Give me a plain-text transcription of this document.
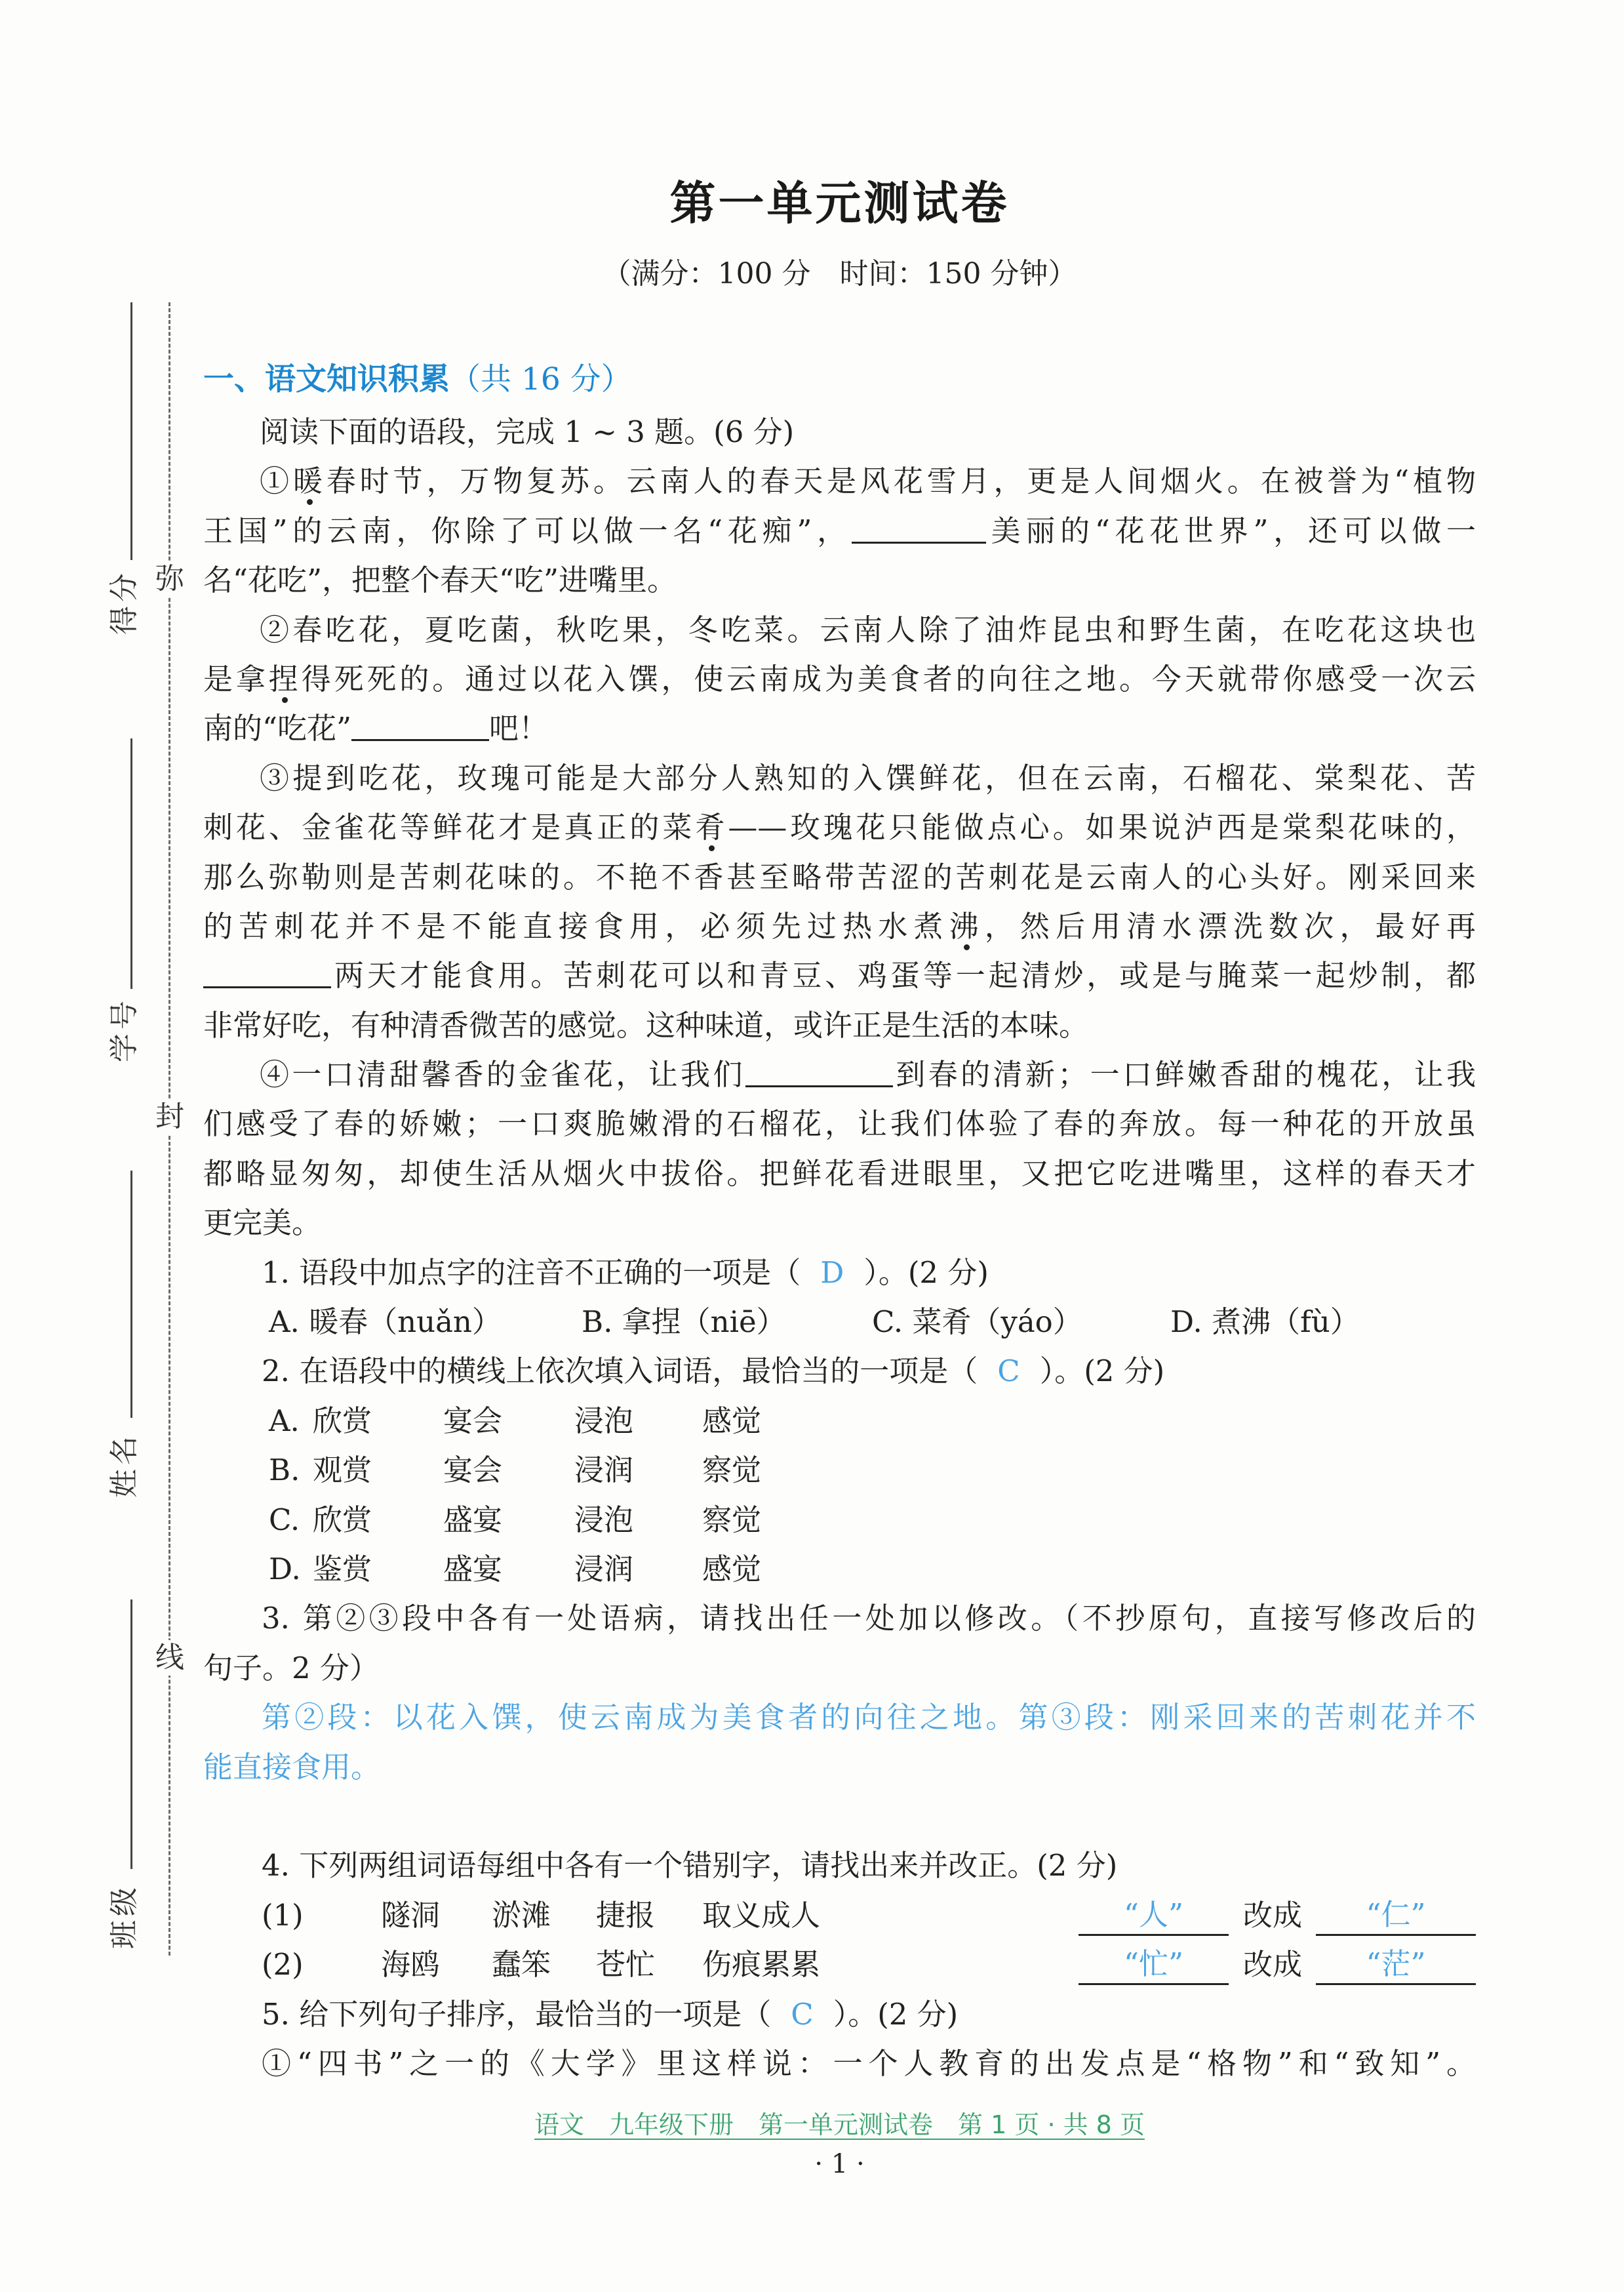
第一单元测试卷
（满分：100 分　时间：150 分钟）
得分
学号
姓名
班级
弥
封
线
一、语文知识积累（共 16 分）
阅读下面的语段，完成 1 ~ 3 题。(6 分)
①暖春时节，万物复苏。云南人的春天是风花雪月，更是人间烟火。在被誉为“植物
王国”的云南，你除了可以做一名“花痴”，	美丽的“花花世界”，还可以做一
名“花吃”，把整个春天“吃”进嘴里。
②春吃花，夏吃菌，秋吃果，冬吃菜。云南人除了油炸昆虫和野生菌，在吃花这块也
是拿捏得死死的。通过以花入馔，使云南成为美食者的向往之地。今天就带你感受一次云
南的“吃花”	吧！
③提到吃花，玫瑰可能是大部分人熟知的入馔鲜花，但在云南，石榴花、棠梨花、苦
刺花、金雀花等鲜花才是真正的菜肴——玫瑰花只能做点心。如果说泸西是棠梨花味的，
那么弥勒则是苦刺花味的。不艳不香甚至略带苦涩的苦刺花是云南人的心头好。刚采回来
的苦刺花并不是不能直接食用，必须先过热水煮沸，然后用清水漂洗数次，最好再
两天才能食用。苦刺花可以和青豆、鸡蛋等一起清炒，或是与腌菜一起炒制，都
非常好吃，有种清香微苦的感觉。这种味道，或许正是生活的本味。
④一口清甜馨香的金雀花，让我们	到春的清新；一口鲜嫩香甜的槐花，让我
们感受了春的娇嫩；一口爽脆嫩滑的石榴花，让我们体验了春的奔放。每一种花的开放虽
都略显匆匆，却使生活从烟火中拔俗。把鲜花看进眼里，又把它吃进嘴里，这样的春天才
更完美。
1. 语段中加点字的注音不正确的一项是（ D ）。(2 分)
A. 暖春（nuǎn）	B. 拿捏（niē）	C. 菜肴（yáo）	D. 煮沸（fù）
2. 在语段中的横线上依次填入词语，最恰当的一项是（ C ）。(2 分)
A. 欣赏 宴会 浸泡 感觉
B. 观赏 宴会 浸润 察觉
C. 欣赏 盛宴 浸泡 察觉
D. 鉴赏 盛宴 浸润 感觉
3. 第②③段中各有一处语病，请找出任一处加以修改。（不抄原句，直接写修改后的
句子。2 分）
第②段：以花入馔，使云南成为美食者的向往之地。第③段：刚采回来的苦刺花并不
能直接食用。
4. 下列两组词语每组中各有一个错别字，请找出来并改正。(2 分)
(1)	隧洞 淤滩 捷报 取义成人	“人”	改成	“仁”
(2)	海鸥 蠢笨 苍忙 伤痕累累	“忙”	改成	“茫”
5. 给下列句子排序，最恰当的一项是（ C ）。(2 分)
①“四书”之一的《大学》里这样说：一个人教育的出发点是“格物”和“致知”。
语文　九年级下册　第一单元测试卷　第 1 页 · 共 8 页
· 1 ·
